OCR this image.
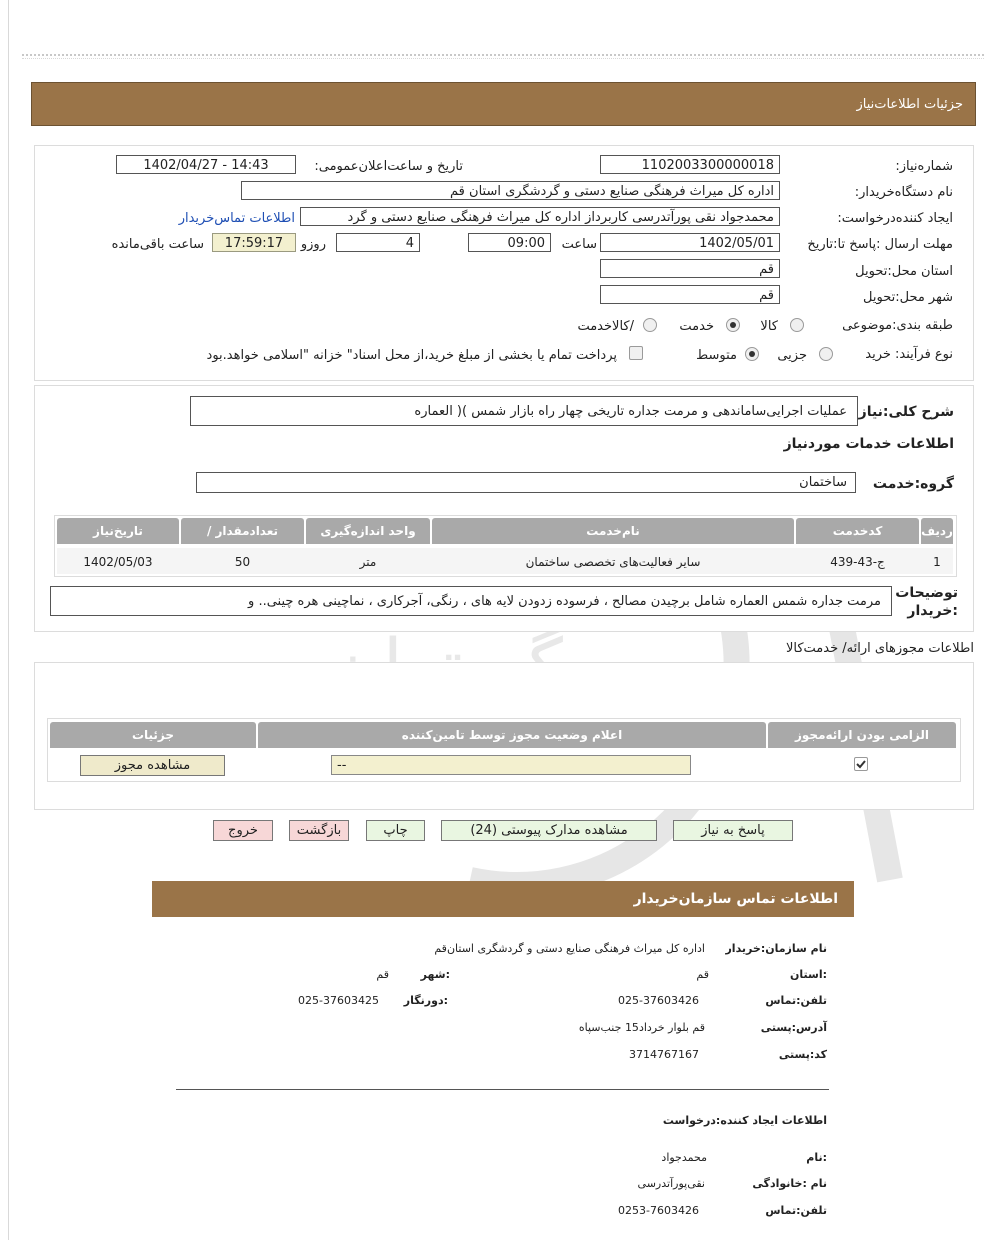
جزئیات اطلاعات‌نیاز
شماره‌نیاز:
1102003300000018
تاریخ و ساعت‌اعلان‌عمومی:
1402/04/27 - 14:43
نام دستگاه‌خریدار:
اداره کل میراث فرهنگی صنایع دستی و گردشگری استان قم
ایجاد کننده‌درخواست:
محمدجواد نقی پورآتدرسی کاربرداز اداره کل میراث فرهنگی صنایع دستی و گرد
اطلاعات تماس‌خریدار
مهلت ارسال :پاسخ تا:تاریخ
1402/05/01
ساعت
09:00
4
روزو
17:59:17
ساعت باقی‌مانده
استان محل:تحویل
قم
شهر محل:تحویل
قم
طبقه بندی:موضوعی
کالا
خدمت
/کالاخدمت
نوع فرآیند: خرید
جزیی
متوسط
پرداخت تمام یا بخشی از مبلغ خرید،از محل اسناد" خزانه "اسلامی خواهد.بود
شرح کلی:نیاز
عملیات اجرایی‌ساماندهی و مرمت جداره تاریخی چهار راه بازار شمس )( العماره
اطلاعات خدمات موردنیاز
گروه:خدمت
ساختمان
ردیف
کدخدمت
نام‌خدمت
واحد اندازه‌گیری
/ تعدادمقدار
تاریخ‌نیاز
1
ج-43-439
سایر فعالیت‌های تخصصی ساختمان
متر
50
1402/05/03
توضیحات :خریدار
مرمت جداره شمس العماره شامل برچیدن مصالح ، فرسوده زدودن لایه های ، رنگی، آجرکاری ، نماچینی هره چینی.. و
اطلاعات مجوزهای ارائه/ خدمت‌کالا
الزامی بودن ارائه‌مجوز
اعلام وضعیت مجوز توسط تامین‌کننده
جزئیات
--
مشاهده مجوز
پاسخ به نیاز
مشاهده مدارک پیوستی (24)
چاپ
بازگشت
خروج
اطلاعات تماس سازمان‌خریدار
نام سازمان:خریدار
اداره کل میراث فرهنگی صنایع دستی و گردشگری استان‌قم
:استان
قم
:شهر
قم
تلفن:تماس
025-37603426
:دورنگار
025-37603425
آدرس:پستی
قم بلوار خرداد15 جنب‌سپاه
کد:پستی
3714767167
اطلاعات ایجاد کننده:درخواست
:نام
محمدجواد
نام :خانوادگی
نقی‌پورآتدرسی
تلفن:تماس
0253-7603426
